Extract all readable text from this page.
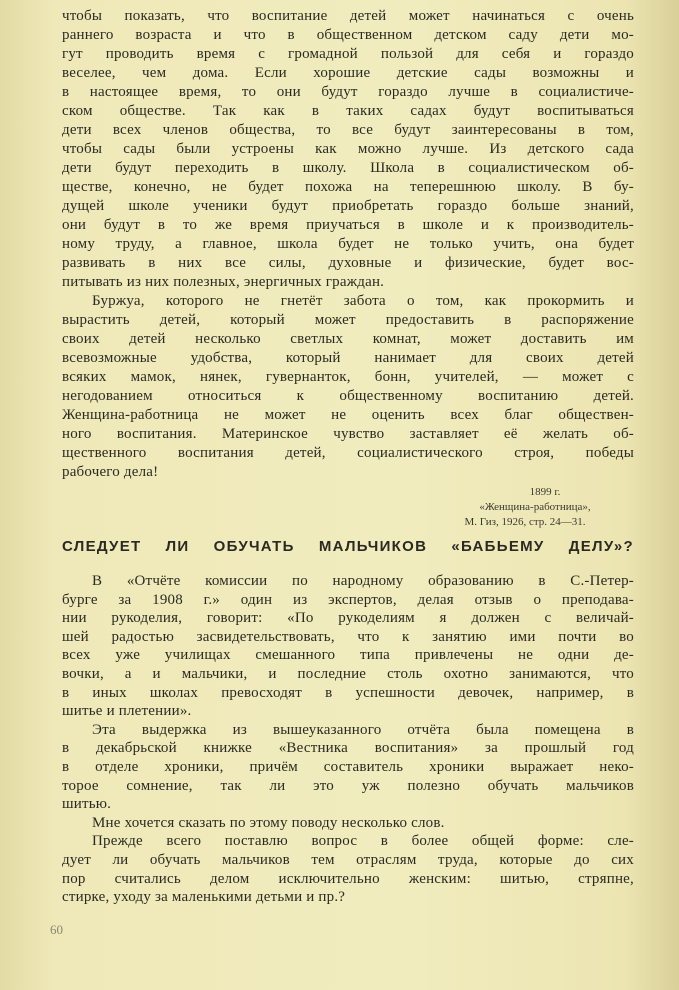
чтобы показать, что воспитание детей может начинаться с очень
раннего возраста и что в общественном детском саду дети мо-
гут проводить время с громадной пользой для себя и гораздо
веселее, чем дома. Если хорошие детские сады возможны и
в настоящее время, то они будут гораздо лучше в социалистиче-
ском обществе. Так как в таких садах будут воспитываться
дети всех членов общества, то все будут заинтересованы в том,
чтобы сады были устроены как можно лучше. Из детского сада
дети будут переходить в школу. Школа в социалистическом об-
ществе, конечно, не будет похожа на теперешнюю школу. В бу-
дущей школе ученики будут приобретать гораздо больше знаний,
они будут в то же время приучаться в школе и к производитель-
ному труду, а главное, школа будет не только учить, она будет
развивать в них все силы, духовные и физические, будет вос-
питывать из них полезных, энергичных граждан.
Буржуа, которого не гнетёт забота о том, как прокормить и
вырастить детей, который может предоставить в распоряжение
своих детей несколько светлых комнат, может доставить им
всевозможные удобства, который нанимает для своих детей
всяких мамок, нянек, гувернанток, бонн, учителей, — может с
негодованием относиться к общественному воспитанию детей.
Женщина-работница не может не оценить всех благ обществен-
ного воспитания. Материнское чувство заставляет её желать об-
щественного воспитания детей, социалистического строя, победы
рабочего дела!
1899 г.
«Женщина-работница»,
М. Гиз, 1926, стр. 24—31.
СЛЕДУЕТ ЛИ ОБУЧАТЬ МАЛЬЧИКОВ «БАБЬЕМУ ДЕЛУ»?
В «Отчёте комиссии по народному образованию в С.-Петер-
бурге за 1908 г.» один из экспертов, делая отзыв о преподава-
нии рукоделия, говорит: «По рукоделиям я должен с величай-
шей радостью засвидетельствовать, что к занятию ими почти во
всех уже училищах смешанного типа привлечены не одни де-
вочки, а и мальчики, и последние столь охотно занимаются, что
в иных школах превосходят в успешности девочек, например, в
шитье и плетении».
Эта выдержка из вышеуказанного отчёта была помещена в
в декабрьской книжке «Вестника воспитания» за прошлый год
в отделе хроники, причём составитель хроники выражает неко-
торое сомнение, так ли это уж полезно обучать мальчиков
шитью.
Мне хочется сказать по этому поводу несколько слов.
Прежде всего поставлю вопрос в более общей форме: сле-
дует ли обучать мальчиков тем отраслям труда, которые до сих
пор считались делом исключительно женским: шитью, стряпне,
стирке, уходу за маленькими детьми и пр.?
60
